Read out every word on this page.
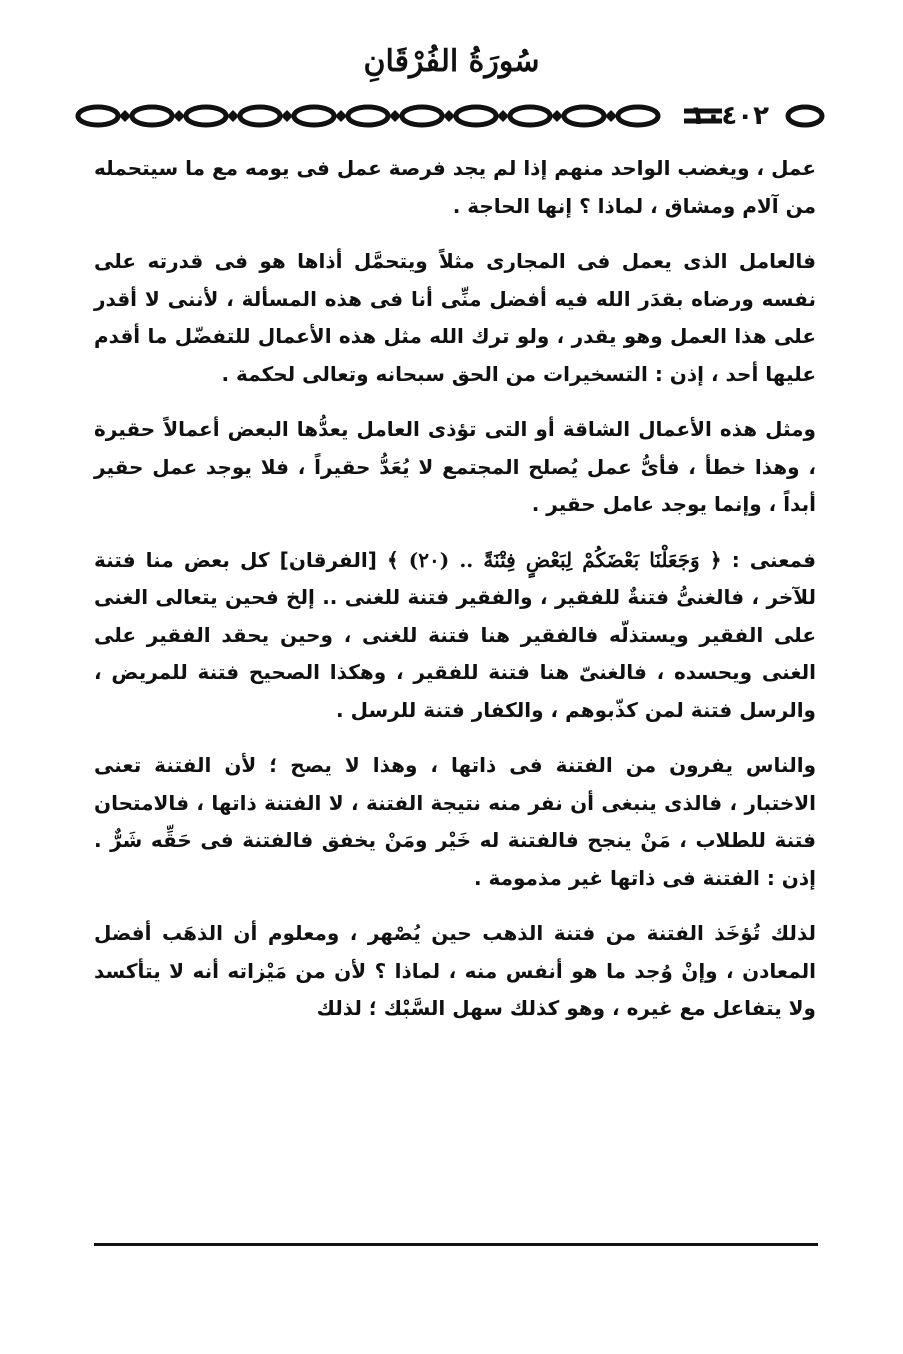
سُورَةُ الفُرْقَانِ
١٠٤٠٢

عمل ، ويغضب الواحد منهم إذا لم يجد فرصة عمل فى يومه مع ما سيتحمله من آلام ومشاق ، لماذا ؟ إنها الحاجة .

فالعامل الذى يعمل فى المجارى مثلاً ويتحمَّل أذاها هو فى قدرته على نفسه ورضاه بقدَر الله فيه أفضل منِّى أنا فى هذه المسألة ، لأننى لا أقدر على هذا العمل وهو يقدر ، ولو ترك الله مثل هذه الأعمال للتفضّل ما أقدم عليها أحد ، إذن : التسخيرات من الحق سبحانه وتعالى لحكمة .

ومثل هذه الأعمال الشاقة أو التى تؤذى العامل يعدُّها البعض أعمالاً حقيرة ، وهذا خطأ ، فأىُّ عمل يُصلح المجتمع لا يُعَدُّ حقيراً ، فلا يوجد عمل حقير أبداً ، وإنما يوجد عامل حقير .

فمعنى : ﴿ وَجَعَلْنَا بَعْضَكُمْ لِبَعْضٍ فِتْنَةً .. (٢٠) ﴾ [الفرقان] كل بعض منا فتنة للآخر ، فالغنىُّ فتنةٌ للفقير ، والفقير فتنة للغنى .. إلخ فحين يتعالى الغنى على الفقير ويستذلّه فالفقير هنا فتنة للغنى ، وحين يحقد الفقير على الغنى ويحسده ، فالغنىّ هنا فتنة للفقير ، وهكذا الصحيح فتنة للمريض ، والرسل فتنة لمن كذّبوهم ، والكفار فتنة للرسل .

والناس يفرون من الفتنة فى ذاتها ، وهذا لا يصح ؛ لأن الفتنة تعنى الاختبار ، فالذى ينبغى أن نفر منه نتيجة الفتنة ، لا الفتنة ذاتها ، فالامتحان فتنة للطلاب ، مَنْ ينجح فالفتنة له خَيْر ومَنْ يخفق فالفتنة فى حَقِّه شَرٌّ . إذن : الفتنة فى ذاتها غير مذمومة .

لذلك تُؤخَذ الفتنة من فتنة الذهب حين يُصْهر ، ومعلوم أن الذهَب أفضل المعادن ، وإنْ وُجد ما هو أنفس منه ، لماذا ؟ لأن من مَيْزاته أنه لا يتأكسد ولا يتفاعل مع غيره ، وهو كذلك سهل السَّبْك ؛ لذلك
